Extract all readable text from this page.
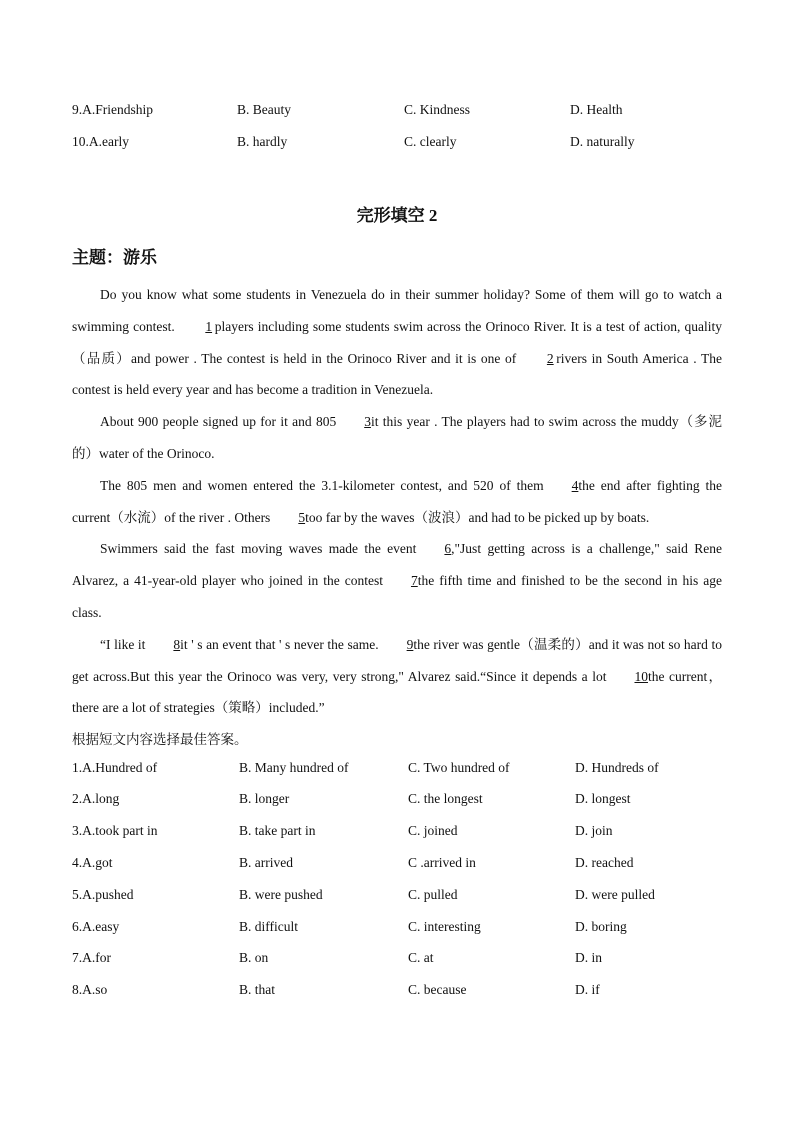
9.A.Friendship	B. Beauty	C. Kindness	D. Health
10.A.early	B. hardly	C. clearly	D. naturally
完形填空 2
主题：游乐

Do you know what some students in Venezuela do in their summer holiday? Some of them will go to watch a swimming contest. 1 players including some students swim across the Orinoco River. It is a test of action, quality（品质）and power . The contest is held in the Orinoco River and it is one of 2 rivers in South America . The contest is held every year and has become a tradition in Venezuela.

About 900 people signed up for it and 805 3it this year . The players had to swim across the muddy（多泥 的）water of the Orinoco.

The 805 men and women entered the 3.1-kilometer contest, and 520 of them 4the end after fighting the current（水流）of the river . Others 5too far by the waves（波浪）and had to be picked up by boats.

Swimmers said the fast moving waves made the event 6,"Just getting across is a challenge," said Rene Alvarez, a 41-year-old player who joined in the contest 7the fifth time and finished to be the second in his age class.

“I like it 8it ' s an event that ' s never the same. 9the river was gentle（温柔的）and it was not so hard to get across.But this year the Orinoco was very, very strong," Alvarez said.“Since it depends a lot 10the current，there are a lot of strategies（策略）included.”

根据短文内容选择最佳答案。
1.A.Hundred of	B. Many hundred of	C. Two hundred of	D. Hundreds of
2.A.long	B. longer	C. the longest	D. longest
3.A.took part in	B. take part in	C. joined	D. join
4.A.got	B. arrived	C .arrived in	D. reached
5.A.pushed	B. were pushed	C. pulled	D. were pulled
6.A.easy	B. difficult	C. interesting	D. boring
7.A.for	B. on	C. at	D. in
8.A.so	B. that	C. because	D. if
